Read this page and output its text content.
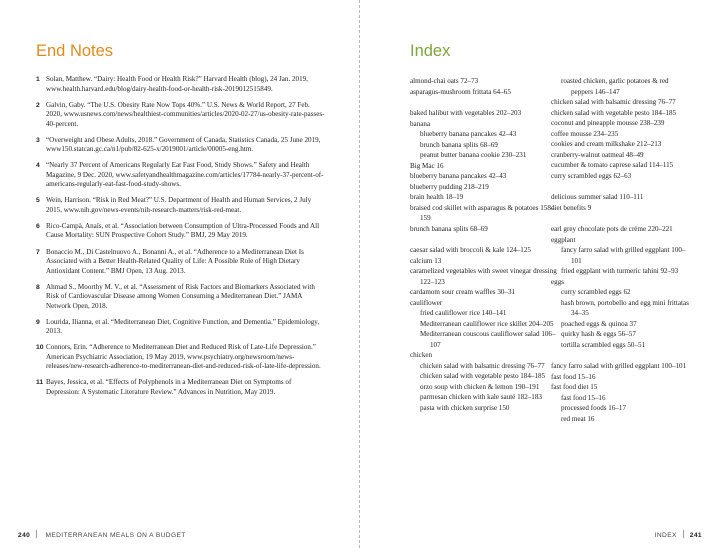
End Notes
1 Solan, Matthew. “Dairy: Health Food or Health Risk?” Harvard Health (blog), 24 Jan. 2019, www.health.harvard.edu/blog/dairy-health-food-or-health-risk-2019012515849.
2 Galvin, Gaby. “The U.S. Obesity Rate Now Tops 40%.” U.S. News & World Report, 27 Feb. 2020, www.usnews.com/news/healthiest-communities/articles/2020-02-27/us-obesity-rate-passes-40-percent.
3 “Overweight and Obese Adults, 2018.” Government of Canada, Statistics Canada, 25 June 2019, www150.statcan.gc.ca/n1/pub/82-625-x/2019001/article/00005-eng.htm.
4 “Nearly 37 Percent of Americans Regularly Eat Fast Food, Study Shows.” Safety and Health Magazine, 9 Dec. 2020, www.safetyandhealthmagazine.com/articles/17784-nearly-37-percent-of-americans-regularly-eat-fast-food-study-shows.
5 Wein, Harrison. “Risk in Red Meat?” U.S. Department of Health and Human Services, 2 July 2015, www.nih.gov/news-events/nih-research-matters/risk-red-meat.
6 Rico-Campà, Anaïs, et al. “Association between Consumption of Ultra-Processed Foods and All Cause Mortality: SUN Prospective Cohort Study.” BMJ, 29 May 2019.
7 Bonaccio M., Di Castelnuovo A., Bonanni A., et al. “Adherence to a Mediterranean Diet Is Associated with a Better Health-Related Quality of Life: A Possible Role of High Dietary Antioxidant Content.” BMJ Open, 13 Aug. 2013.
8 Ahmad S., Moorthy M. V., et al. “Assessment of Risk Factors and Biomarkers Associated with Risk of Cardiovascular Disease among Women Consuming a Mediterranean Diet.” JAMA Network Open, 2018.
9 Lourida, Ilianna, et al. “Mediterranean Diet, Cognitive Function, and Dementia.” Epidemiology, 2013.
10 Connors, Erin. “Adherence to Mediterranean Diet and Reduced Risk of Late-Life Depression.” American Psychiatric Association, 19 May 2019, www.psychiatry.org/newsroom/news-releases/new-research-adherence-to-mediterranean-diet-and-reduced-risk-of-late-life-depression.
11 Bayes, Jessica, et al. “Effects of Polyphenols in a Mediterranean Diet on Symptoms of Depression: A Systematic Literature Review.” Advances in Nutrition, May 2019.
240 MEDITERRANEAN MEALS ON A BUDGET
Index
almond-chai oats 72–73
asparagus-mushroom frittata 64–65
baked halibut with vegetables 202–203
banana
blueberry banana pancakes 42–43
brunch banana splits 68–69
peanut butter banana cookie 230–231
Big Mac 16
blueberry banana pancakes 42–43
blueberry pudding 218–219
brain health 18–19
braised cod skillet with asparagus & potatoes 158–159
brunch banana splits 68–69
caesar salad with broccoli & kale 124–125
calcium 13
caramelized vegetables with sweet vinegar dressing 122–123
cardamom sour cream waffles 30–31
cauliflower
fried cauliflower rice 140–141
Mediterranean cauliflower rice skillet 204–205
Mediterranean couscous cauliflower salad 106–107
chicken
chicken salad with balsamic dressing 76–77
chicken salad with vegetable pesto 184–185
orzo soup with chicken & lemon 190–191
parmesan chicken with kale sauté 182–183
pasta with chicken surprise 150
roasted chicken, garlic potatoes & red peppers 146–147
chicken salad with balsamic dressing 76–77
chicken salad with vegetable pesto 184–185
coconut and pineapple mousse 238–239
coffee mousse 234–235
cookies and cream milkshake 212–213
cranberry-walnut oatmeal 48–49
cucumber & tomato caprese salad 114–115
curry scrambled eggs 62–63
delicious summer salad 110–111
diet benefits 9
earl grey chocolate pots de crème 220–221
eggplant
fancy farro salad with grilled eggplant 100–101
fried eggplant with turmeric tahini 92–93
eggs
curry scrambled eggs 62
hash brown, portobello and egg mini frittatas 34–35
poached eggs & quinoa 37
quirky hash & eggs 56–57
tortilla scrambled eggs 50–51
fancy farro salad with grilled eggplant 100–101
fast food 15–16
fast food diet 15
fast food 15–16
processed foods 16–17
red meat 16
INDEX 241
